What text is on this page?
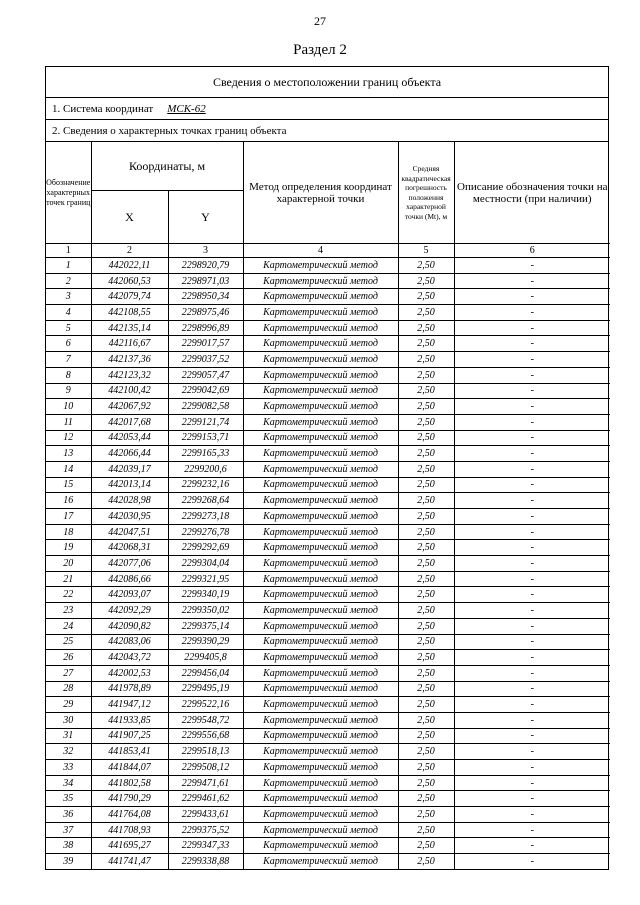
27
Раздел 2
Сведения о местоположении границ объекта
1. Система координат МСК-62
2. Сведения о характерных точках границ объекта
Обозначение характерных точек границ	Координаты, м		Метод определения координат характерной точки	Средняя квадратическая погрешность положения характерной точки (Mt), м	Описание обозначения точки на местности (при наличии)
	X	Y			
1	2	3	4	5	6
1	442022,11	2298920,79	Картометрический метод	2,50	-
2	442060,53	2298971,03	Картометрический метод	2,50	-
3	442079,74	2298950,34	Картометрический метод	2,50	-
4	442108,55	2298975,46	Картометрический метод	2,50	-
5	442135,14	2298996,89	Картометрический метод	2,50	-
6	442116,67	2299017,57	Картометрический метод	2,50	-
7	442137,36	2299037,52	Картометрический метод	2,50	-
8	442123,32	2299057,47	Картометрический метод	2,50	-
9	442100,42	2299042,69	Картометрический метод	2,50	-
10	442067,92	2299082,58	Картометрический метод	2,50	-
11	442017,68	2299121,74	Картометрический метод	2,50	-
12	442053,44	2299153,71	Картометрический метод	2,50	-
13	442066,44	2299165,33	Картометрический метод	2,50	-
14	442039,17	2299200,6	Картометрический метод	2,50	-
15	442013,14	2299232,16	Картометрический метод	2,50	-
16	442028,98	2299268,64	Картометрический метод	2,50	-
17	442030,95	2299273,18	Картометрический метод	2,50	-
18	442047,51	2299276,78	Картометрический метод	2,50	-
19	442068,31	2299292,69	Картометрический метод	2,50	-
20	442077,06	2299304,04	Картометрический метод	2,50	-
21	442086,66	2299321,95	Картометрический метод	2,50	-
22	442093,07	2299340,19	Картометрический метод	2,50	-
23	442092,29	2299350,02	Картометрический метод	2,50	-
24	442090,82	2299375,14	Картометрический метод	2,50	-
25	442083,06	2299390,29	Картометрический метод	2,50	-
26	442043,72	2299405,8	Картометрический метод	2,50	-
27	442002,53	2299456,04	Картометрический метод	2,50	-
28	441978,89	2299495,19	Картометрический метод	2,50	-
29	441947,12	2299522,16	Картометрический метод	2,50	-
30	441933,85	2299548,72	Картометрический метод	2,50	-
31	441907,25	2299556,68	Картометрический метод	2,50	-
32	441853,41	2299518,13	Картометрический метод	2,50	-
33	441844,07	2299508,12	Картометрический метод	2,50	-
34	441802,58	2299471,61	Картометрический метод	2,50	-
35	441790,29	2299461,62	Картометрический метод	2,50	-
36	441764,08	2299433,61	Картометрический метод	2,50	-
37	441708,93	2299375,52	Картометрический метод	2,50	-
38	441695,27	2299347,33	Картометрический метод	2,50	-
39	441741,47	2299338,88	Картометрический метод	2,50	-
